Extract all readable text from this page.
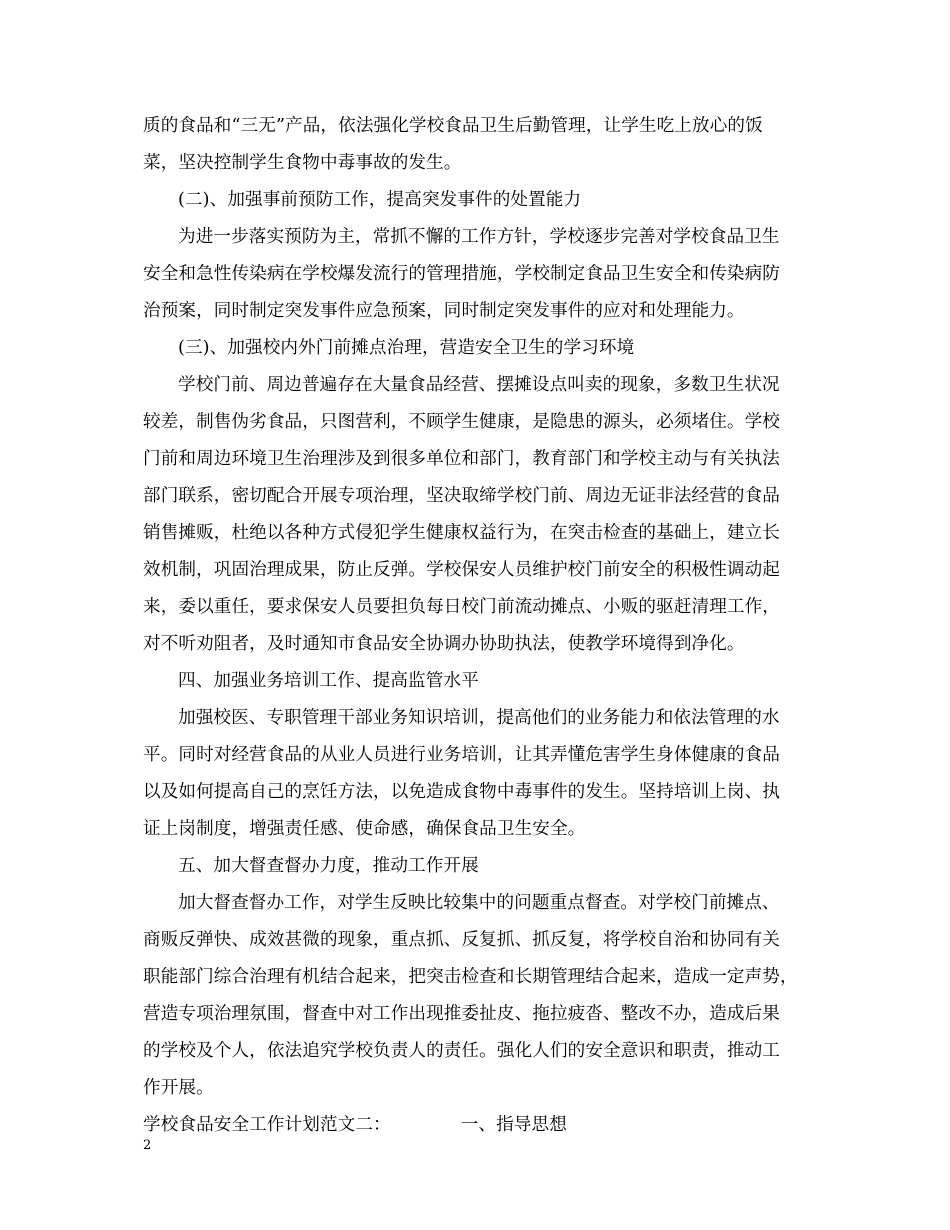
质的食品和“三无”产品，依法强化学校食品卫生后勤管理，让学生吃上放心的饭
菜，坚决控制学生食物中毒事故的发生。
(二)、加强事前预防工作，提高突发事件的处置能力
为进一步落实预防为主，常抓不懈的工作方针，学校逐步完善对学校食品卫生
安全和急性传染病在学校爆发流行的管理措施，学校制定食品卫生安全和传染病防
治预案，同时制定突发事件应急预案，同时制定突发事件的应对和处理能力。
(三)、加强校内外门前摊点治理，营造安全卫生的学习环境
学校门前、周边普遍存在大量食品经营、摆摊设点叫卖的现象，多数卫生状况
较差，制售伪劣食品，只图营利，不顾学生健康，是隐患的源头，必须堵住。学校
门前和周边环境卫生治理涉及到很多单位和部门，教育部门和学校主动与有关执法
部门联系，密切配合开展专项治理，坚决取缔学校门前、周边无证非法经营的食品
销售摊贩，杜绝以各种方式侵犯学生健康权益行为，在突击检查的基础上，建立长
效机制，巩固治理成果，防止反弹。学校保安人员维护校门前安全的积极性调动起
来，委以重任，要求保安人员要担负每日校门前流动摊点、小贩的驱赶清理工作，
对不听劝阻者，及时通知市食品安全协调办协助执法，使教学环境得到净化。
四、加强业务培训工作、提高监管水平
加强校医、专职管理干部业务知识培训，提高他们的业务能力和依法管理的水
平。同时对经营食品的从业人员进行业务培训，让其弄懂危害学生身体健康的食品
以及如何提高自己的烹饪方法，以免造成食物中毒事件的发生。坚持培训上岗、执
证上岗制度，增强责任感、使命感，确保食品卫生安全。
五、加大督查督办力度，推动工作开展
加大督查督办工作，对学生反映比较集中的问题重点督查。对学校门前摊点、
商贩反弹快、成效甚微的现象，重点抓、反复抓、抓反复，将学校自治和协同有关
职能部门综合治理有机结合起来，把突击检查和长期管理结合起来，造成一定声势，
营造专项治理氛围，督查中对工作出现推委扯皮、拖拉疲沓、整改不办，造成后果
的学校及个人，依法追究学校负责人的责任。强化人们的安全意识和职责，推动工
作开展。
学校食品安全工作计划范文二：	一、指导思想
2
